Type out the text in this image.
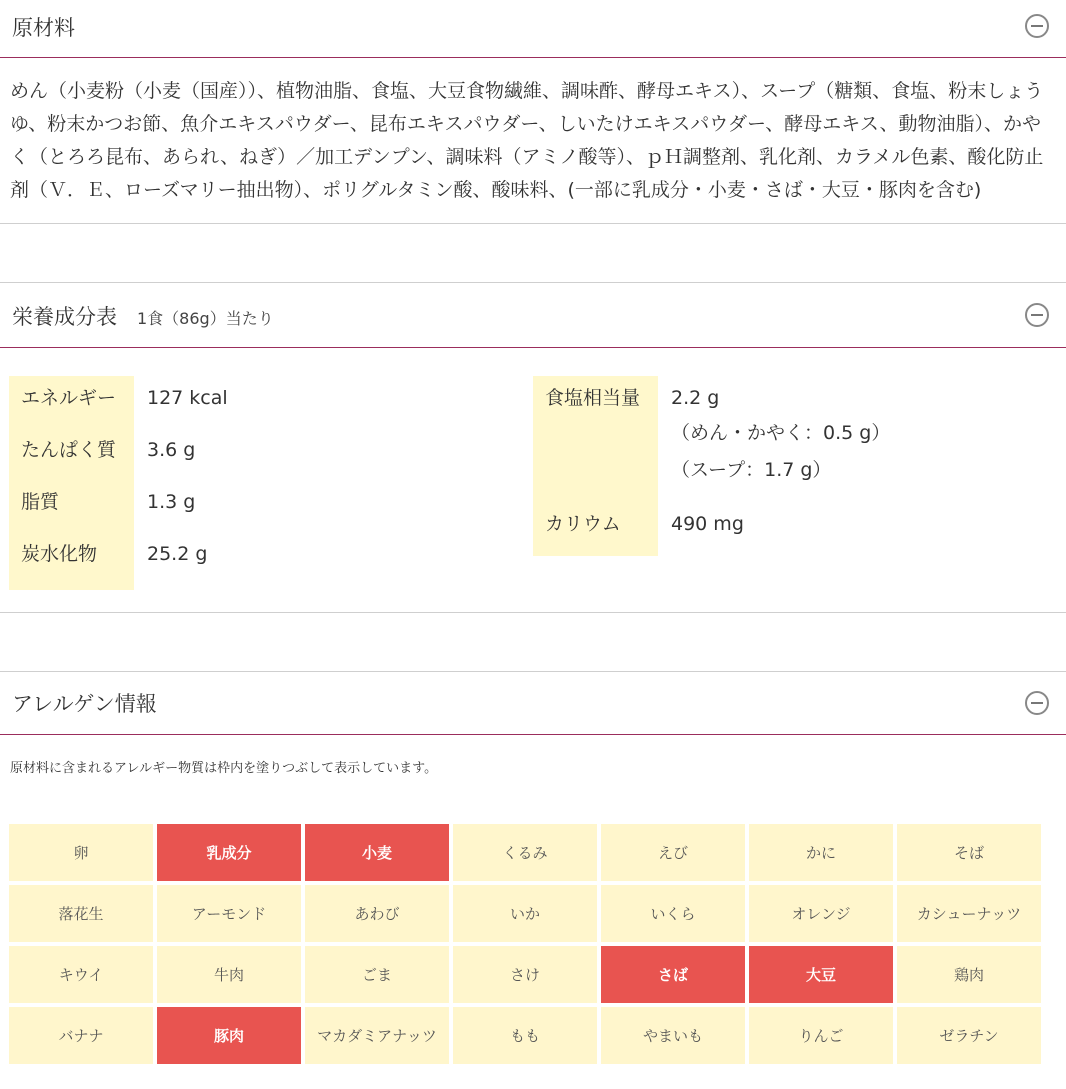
原材料
めん（小麦粉（小麦（国産））、植物油脂、食塩、大豆食物繊維、調味酢、酵母エキス）、スープ（糖類、食塩、粉末しょうゆ、粉末かつお節、魚介エキスパウダー、昆布エキスパウダー、しいたけエキスパウダー、酵母エキス、動物油脂）、かやく（とろろ昆布、あられ、ねぎ）／加工デンプン、調味料（アミノ酸等）、ｐＨ調整剤、乳化剤、カラメル色素、酸化防止剤（Ｖ．Ｅ、ローズマリー抽出物）、ポリグルタミン酸、酸味料、(一部に乳成分・小麦・さば・大豆・豚肉を含む)
栄養成分表 1食（86g）当たり
エネルギー	127 kcal
たんぱく質	3.6 g
脂質	1.3 g
炭水化物	25.2 g
食塩相当量	2.2 g
（めん・かやく：0.5 g）
（スープ：1.7 g）

カリウム	490 mg
アレルゲン情報
原材料に含まれるアレルギー物質は枠内を塗りつぶして表示しています。
卵	乳成分	小麦	くるみ	えび	かに	そば
落花生	アーモンド	あわび	いか	いくら	オレンジ	カシューナッツ
キウイ	牛肉	ごま	さけ	さば	大豆	鶏肉
バナナ	豚肉	マカダミアナッツ	もも	やまいも	りんご	ゼラチン
